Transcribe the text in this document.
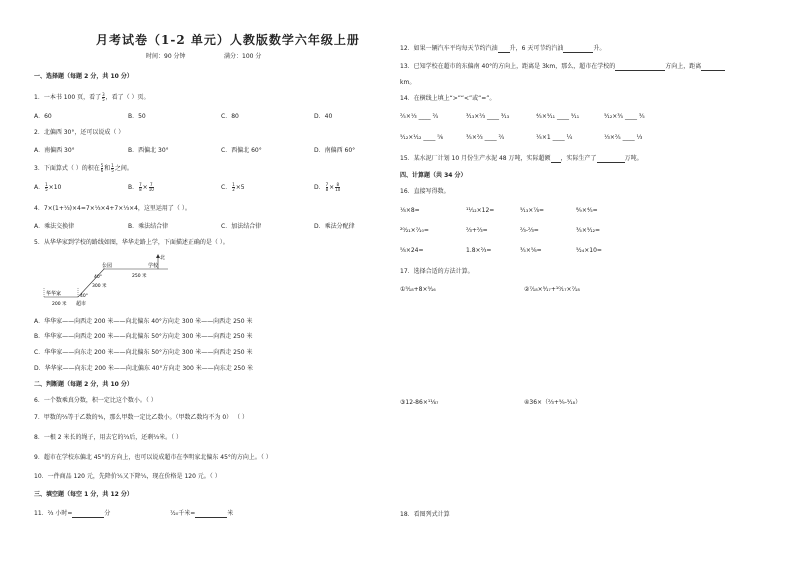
月考试卷（1-2 单元）人教版数学六年级上册
时间：90 分钟	满分：100 分
一、选择题（每题 2 分，共 10 分）
1．一本书 100 页，看了 $\frac{3}{5}$ ，看了（ ）页。
A．60	B．50	C．80	D．40
2．北偏西 30°，还可以说成（ ）
A．南偏西 30°	B．西偏北 30°	C．西偏北 60°	D．南偏西 60°
3．下面算式（ ）的积在 $\frac{5}{6}$ 和 $\frac{1}{5}$ 之间。
A． $\frac{1}{5} \times 10$	B． $\frac{7}{8} \times \frac{7}{10}$	C． $\frac{1}{2} \times 5$	D． $\frac{7}{8} \times \frac{8}{10}$
4．7×(1+⅓)×4=7×⅓×4+7×⅓×4，这里运用了（ ）。
A．乘法交换律	B．乘法结合律	C．加法结合律	D．乘法分配律
5．从华华家到学校的路线如图，华华走路上学，下面描述正确的是（ ）。
北
公园	学校
250 米
40°
300 米
40°
华华家
超市
200 米
A．华华家——向西走 200 米——向北偏东 40°方向走 300 米——向西走 250 米
B．华华家——向西走 200 米——向北偏东 50°方向走 300 米——向西走 250 米
C．华华家——向东走 200 米——向北偏东 50°方向走 300 米——向西走 250 米
D．华华家——向东走 200 米——向北偏东 40°方向走 300 米——向东走 250 米
二、判断题（每题 2 分，共 10 分）
6．一个数乘真分数，积一定比这个数小。（ ）
7．甲数的⅔等于乙数的⁴⁄₅，那么甲数一定比乙数小。（甲数乙数均不为 0） （ ）
8．一根 2 米长的绳子，用去它的⅔后，还剩⅔米。（ ）
9．超市在学校东偏北 45°的方向上，也可以说成超市在李明家北偏东 45°的方向上。（ ）
10．一件商品 120 元，先降价⅕又下降⅕，现在价格是 120 元。（ ）
三、填空题（每空 1 分，共 12 分）
11．⅔ 小时=	分	⁷⁄₂₀千米=	米
12．如果一辆汽车平均每天节约汽油 升，6 天可节约汽油	升。
13．已知学校在超市的东偏南 40°的方向上，距离是 3km，那么，超市在学校的	方向上，距离
km。
14．在横线上填上“>”“<”或“=”。
⅖×⅓ ____ ⅖	³⁄₁₃×⅔ ____ ³⁄₁₃	⅘×⁵⁄₁₁ ____ ⁵⁄₁₁	⁵⁄₁₂×⅗ ____ ⅗
⁵⁄₁₂×¹⁄₁₂ ____ ⅚	⅗×⅔ ____ ⅖	¼×1 ____ ¼	⅓×⅖ ____ ⅓
15．某水泥厂计划 10 月份生产水泥 48 万吨，实际超额 ，实际生产了	万吨。
四、计算题（共 34 分）
16．直接写得数。
⅛×8=	¹¹⁄₁₂×12=	⁵⁄₁₃×⅞=	⁸⁄₉×⅘=
²⁰⁄₂₁×⁷⁄₁₀=	⅔+⅔=	⅔-⅔=	⅗×⁵⁄₁₂=
⅝×24=	1.8×⅔=	⅗×⅚=	⁵⁄₂₄×10=
17．选择合适的方法计算。
①⁵⁄₁₈+8×⁵⁄₁₆	②⁷⁄₁₈×⁵⁄₁₇+¹⁰⁄₁₇×⁷⁄₁₈
③12-86×¹¹⁄₈₇	④36×（⅔+⁵⁄₉-⁵⁄₁₈）
18．看图列式计算
